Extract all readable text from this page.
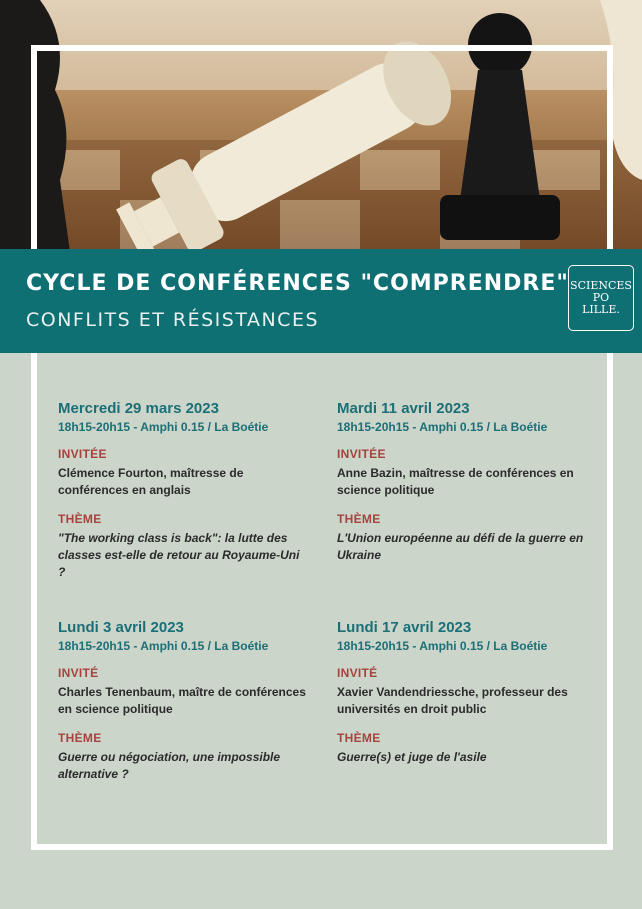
CYCLE DE CONFÉRENCES "COMPRENDRE"
CONFLITS ET RÉSISTANCES
SCIENCES
PO
LILLE.
Mercredi 29 mars 2023
18h15-20h15 - Amphi 0.15 / La Boétie
INVITÉE
Clémence Fourton, maîtresse de conférences en anglais
THÈME
"The working class is back": la lutte des classes est-elle de retour au Royaume-Uni ?
Mardi 11 avril 2023
18h15-20h15 - Amphi 0.15 / La Boétie
INVITÉE
Anne Bazin, maîtresse de conférences en science politique
THÈME
L'Union européenne au défi de la guerre en Ukraine
Lundi 3 avril 2023
18h15-20h15 - Amphi 0.15 / La Boétie
INVITÉ
Charles Tenenbaum, maître de conférences en science politique
THÈME
Guerre ou négociation, une impossible alternative ?
Lundi 17 avril 2023
18h15-20h15 - Amphi 0.15 / La Boétie
INVITÉ
Xavier Vandendriessche, professeur des universités en droit public
THÈME
Guerre(s) et juge de l'asile
